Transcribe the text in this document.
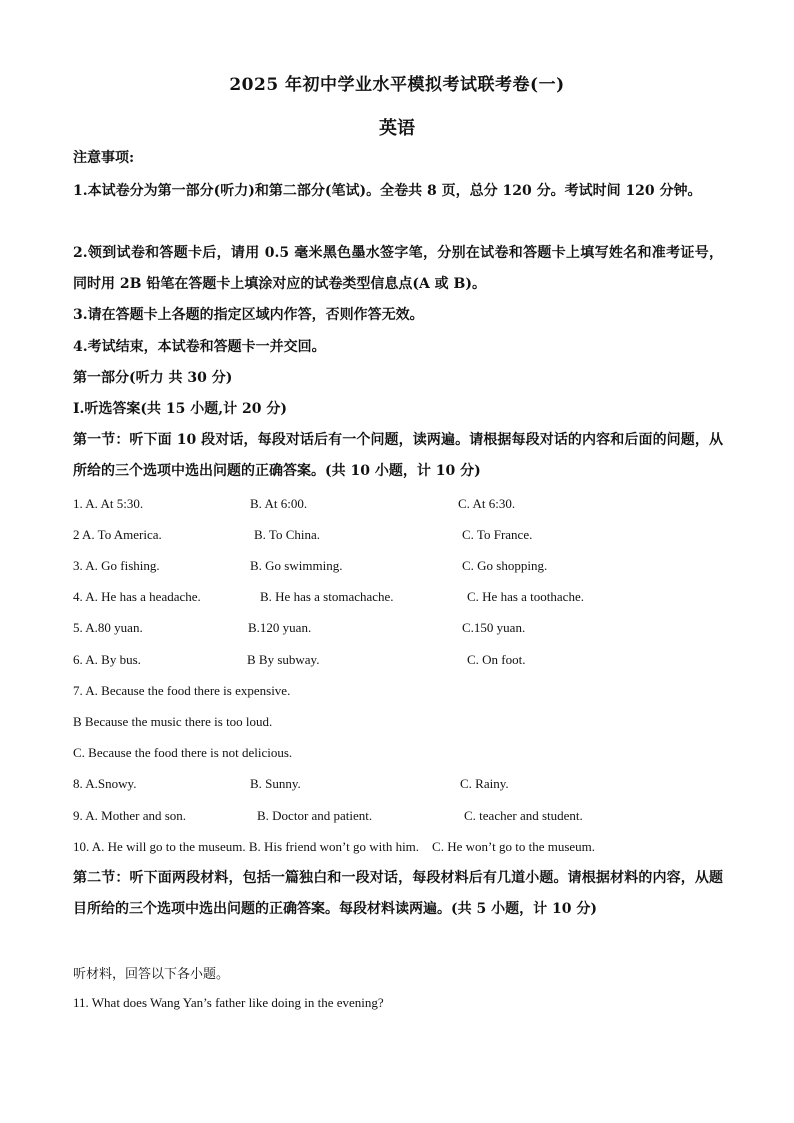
2025 年初中学业水平模拟考试联考卷(一)
英语
注意事项:
1.本试卷分为第一部分(听力)和第二部分(笔试)。全卷共 8 页，总分 120 分。考试时间 120 分钟。
2.领到试卷和答题卡后，请用 0.5 毫米黑色墨水签字笔，分别在试卷和答题卡上填写姓名和准考证号，同时用 2B 铅笔在答题卡上填涂对应的试卷类型信息点(A 或 B)。
3.请在答题卡上各题的指定区域内作答，否则作答无效。
4.考试结束，本试卷和答题卡一并交回。
第一部分(听力 共 30 分)
Ⅰ.听选答案(共 15 小题,计 20 分)
第一节：听下面 10 段对话，每段对话后有一个问题，读两遍。请根据每段对话的内容和后面的问题，从所给的三个选项中选出问题的正确答案。(共 10 小题，计 10 分)
1. A. At 5:30.	B. At 6:00.	C. At 6:30.
2 A. To America.	B. To China.	C. To France.
3. A. Go fishing.	B. Go swimming.	C. Go shopping.
4. A. He has a headache.	B. He has a stomachache.	C. He has a toothache.
5. A.80 yuan.	B.120 yuan.	C.150 yuan.
6. A. By bus.	B By subway.	C. On foot.
7. A. Because the food there is expensive.
B Because the music there is too loud.
C. Because the food there is not delicious.
8. A.Snowy.	B. Sunny.	C. Rainy.
9. A. Mother and son.	B. Doctor and patient.	C. teacher and student.
10. A. He will go to the museum. B. His friend won’t go with him.    C. He won’t go to the museum.
第二节：听下面两段材料，包括一篇独白和一段对话，每段材料后有几道小题。请根据材料的内容，从题目所给的三个选项中选出问题的正确答案。每段材料读两遍。(共 5 小题，计 10 分)
听材料，回答以下各小题。
11. What does Wang Yan’s father like doing in the evening?
